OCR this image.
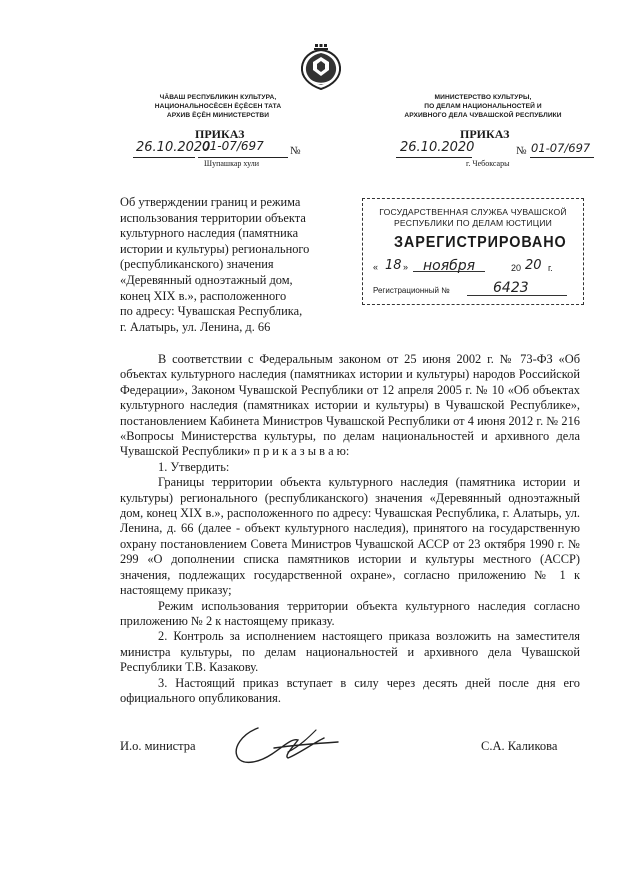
ЧӐВАШ РЕСПУБЛИКИН КУЛЬТУРА,
НАЦИОНАЛЬНОСĔСЕН ĔҪĔСЕН ТАТА
АРХИВ ĔҪĔН МИНИСТЕРСТВИ
ПРИКАЗ
26.10.2020
01-07/697 №
Шупашкар хули
МИНИСТЕРСТВО КУЛЬТУРЫ,
ПО ДЕЛАМ НАЦИОНАЛЬНОСТЕЙ И
АРХИВНОГО ДЕЛА ЧУВАШСКОЙ РЕСПУБЛИКИ
ПРИКАЗ
26.10.2020	№ 01-07/697
г. Чебоксары
Об утверждении границ и режима
использования территории объекта
культурного наследия (памятника
истории и культуры) регионального
(республиканского) значения
«Деревянный одноэтажный дом,
конец XIX в.», расположенного
по адресу: Чувашская Республика,
г. Алатырь, ул. Ленина, д. 66
ГОСУДАРСТВЕННАЯ СЛУЖБА ЧУВАШСКОЙ
РЕСПУБЛИКИ ПО ДЕЛАМ ЮСТИЦИИ
ЗАРЕГИСТРИРОВАНО
« 18 » ноября	20 20 г.
Регистрационный №	6423

В соответствии с Федеральным законом от 25 июня 2002 г. № 73-ФЗ «Об объектах культурного наследия (памятниках истории и культуры) народов Российской Федерации», Законом Чувашской Республики от 12 апреля 2005 г. № 10 «Об объектах культурного наследия (памятниках истории и культуры) в Чувашской Республике», постановлением Кабинета Министров Чувашской Республики от 4 июня 2012 г. № 216 «Вопросы Министерства культуры, по делам национальностей и архивного дела Чувашской Республики» п р и к а з ы в а ю:

1. Утвердить:

Границы территории объекта культурного наследия (памятника истории и культуры) регионального (республиканского) значения «Деревянный одноэтажный дом, конец XIX в.», расположенного по адресу: Чувашская Республика, г. Алатырь, ул. Ленина, д. 66 (далее - объект культурного наследия), принятого на государственную охрану постановлением Совета Министров Чувашской АССР от 23 октября 1990 г. № 299 «О дополнении списка памятников истории и культуры местного (АССР) значения, подлежащих государственной охране», согласно приложению № 1 к настоящему приказу;

Режим использования территории объекта культурного наследия согласно приложению № 2 к настоящему приказу.

2. Контроль за исполнением настоящего приказа возложить на заместителя министра культуры, по делам национальностей и архивного дела Чувашской Республики Т.В. Казакову.

3. Настоящий приказ вступает в силу через десять дней после дня его официального опубликования.

И.о. министра	С.А. Каликова
